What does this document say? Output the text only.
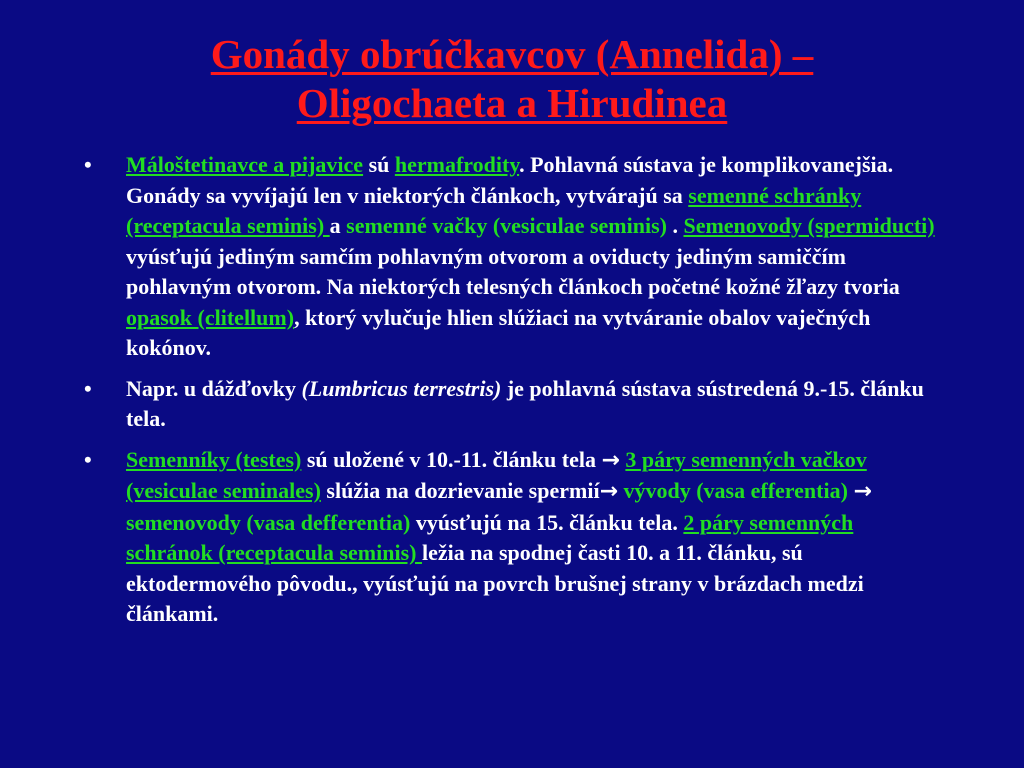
Gonády obrúčkavcov (Annelida) –
Oligochaeta a Hirudinea
• Máloštetinavce a pijavice sú hermafrodity. Pohlavná sústava je komplikovanejšia. Gonády sa vyvíjajú len v niektorých článkoch, vytvárajú sa semenné schránky (receptacula seminis) a semenné vačky (vesiculae seminis) . Semenovody (spermiducti) vyúsťujú jediným samčím pohlavným otvorom a oviducty jediným samiččím pohlavným otvorom. Na niektorých telesných článkoch početné kožné žľazy tvoria opasok (clitellum), ktorý vylučuje hlien slúžiaci na vytváranie obalov vaječných kokónov.
• Napr. u dážďovky (Lumbricus terrestris) je pohlavná sústava sústredená 9.-15. článku tela.
• Semenníky (testes) sú uložené v 10.-11. článku tela → 3 páry semenných vačkov (vesiculae seminales) slúžia na dozrievanie spermií→ vývody (vasa efferentia) → semenovody (vasa defferentia) vyúsťujú na 15. článku tela. 2 páry semenných schránok (receptacula seminis) ležia na spodnej časti 10. a 11. článku, sú ektodermového pôvodu., vyúsťujú na povrch brušnej strany v brázdach medzi článkami.
